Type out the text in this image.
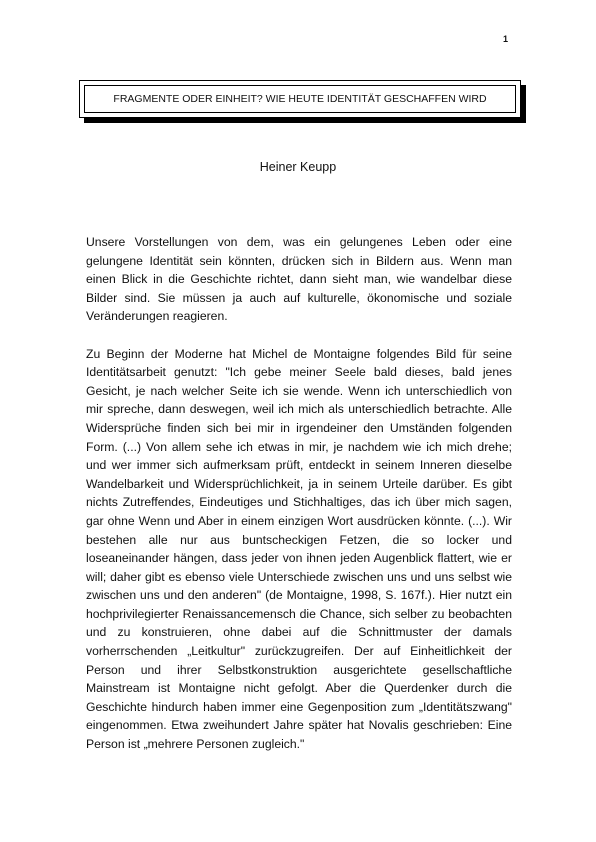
1
FRAGMENTE ODER EINHEIT? WIE HEUTE IDENTITÄT GESCHAFFEN WIRD
Heiner Keupp

Unsere Vorstellungen von dem, was ein gelungenes Leben oder eine gelungene Identität sein könnten, drücken sich in Bildern aus. Wenn man einen Blick in die Geschichte richtet, dann sieht man, wie wandelbar diese Bilder sind. Sie müssen ja auch auf kulturelle, ökonomische und soziale Veränderungen reagieren.

Zu Beginn der Moderne hat Michel de Montaigne folgendes Bild für seine Identitätsarbeit genutzt: "Ich gebe meiner Seele bald dieses, bald jenes Gesicht, je nach welcher Seite ich sie wende. Wenn ich unterschiedlich von mir spreche, dann deswegen, weil ich mich als unterschiedlich betrachte. Alle Widersprüche finden sich bei mir in irgendeiner den Umständen folgenden Form. (...) Von allem sehe ich etwas in mir, je nachdem wie ich mich drehe; und wer immer sich aufmerksam prüft, entdeckt in seinem Inneren dieselbe Wandelbarkeit und Widersprüchlichkeit, ja in seinem Urteile darüber. Es gibt nichts Zutreffendes, Eindeutiges und Stichhaltiges, das ich über mich sagen, gar ohne Wenn und Aber in einem einzigen Wort ausdrücken könnte. (...). Wir bestehen alle nur aus buntscheckigen Fetzen, die so locker und loseaneinander hängen, dass jeder von ihnen jeden Augenblick flattert, wie er will; daher gibt es ebenso viele Unterschiede zwischen uns und uns selbst wie zwischen uns und den anderen" (de Montaigne, 1998, S. 167f.). Hier nutzt ein hochprivilegierter Renaissancemensch die Chance, sich selber zu beobachten und zu konstruieren, ohne dabei auf die Schnittmuster der damals vorherrschenden „Leitkultur" zurückzugreifen. Der auf Einheitlichkeit der Person und ihrer Selbstkonstruktion ausgerichtete gesellschaftliche Mainstream ist Montaigne nicht gefolgt. Aber die Querdenker durch die Geschichte hindurch haben immer eine Gegenposition zum „Identitätszwang" eingenommen. Etwa zweihundert Jahre später hat Novalis geschrieben: Eine Person ist „mehrere Personen zugleich."
